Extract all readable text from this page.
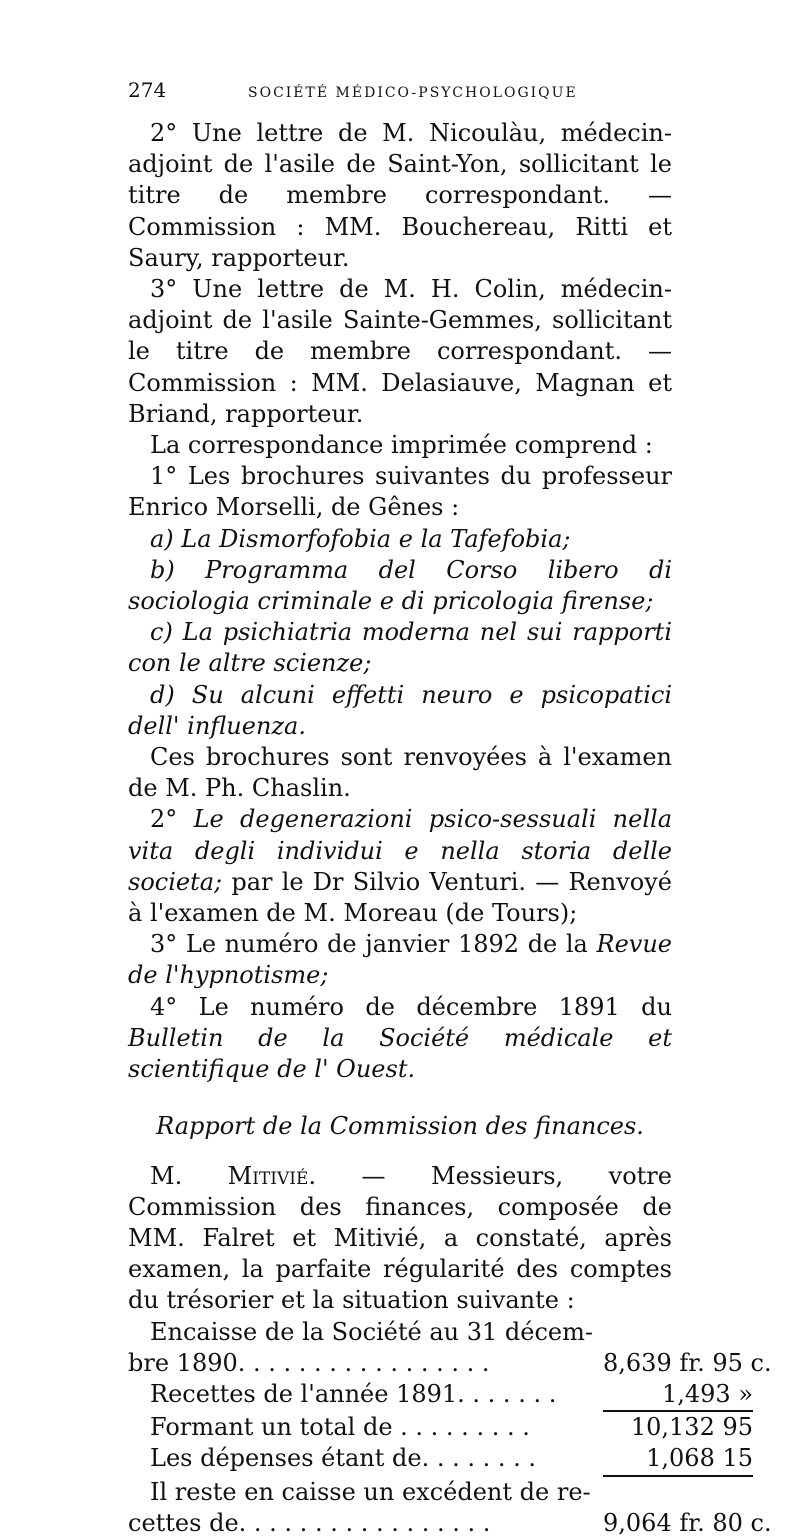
274	SOCIÉTÉ MÉDICO-PSYCHOLOGIQUE

2° Une lettre de M. Nicoulàu, médecin-adjoint de l'asile de Saint-Yon, sollicitant le titre de membre correspondant. — Commission : MM. Bouchereau, Ritti et Saury, rapporteur.

3° Une lettre de M. H. Colin, médecin-adjoint de l'asile Sainte-Gemmes, sollicitant le titre de membre correspondant. — Commission : MM. Delasiauve, Magnan et Briand, rapporteur.

La correspondance imprimée comprend :

1° Les brochures suivantes du professeur Enrico Morselli, de Gênes :

a) La Dismorfofobia e la Tafefobia;

b) Programma del Corso libero di sociologia criminale e di pricologia firense;

c) La psichiatria moderna nel sui rapporti con le altre scienze;

d) Su alcuni effetti neuro e psicopatici dell' influenza.

Ces brochures sont renvoyées à l'examen de M. Ph. Chaslin.

2° Le degenerazioni psico-sessuali nella vita degli individui e nella storia delle societa; par le Dr Silvio Venturi. — Renvoyé à l'examen de M. Moreau (de Tours);

3° Le numéro de janvier 1892 de la Revue de l'hypnotisme;

4° Le numéro de décembre 1891 du Bulletin de la Société médicale et scientifique de l' Ouest.

Rapport de la Commission des finances.

M. Mitivié. — Messieurs, votre Commission des finances, composée de MM. Falret et Mitivié, a constaté, après examen, la parfaite régularité des comptes du trésorier et la situation suivante :

Encaisse de la Société au 31 décem-
bre 1890. . . . . . . . . . . . . . . . .	8,639 fr. 95 c.
Recettes de l'année 1891. . . . . . .	1,493 »
Formant un total de . . . . . . . . .	10,132 95
Les dépenses étant de. . . . . . . .	1,068 15
Il reste en caisse un excédent de re-
cettes de. . . . . . . . . . . . . . . . .	9,064 fr. 80 c.
